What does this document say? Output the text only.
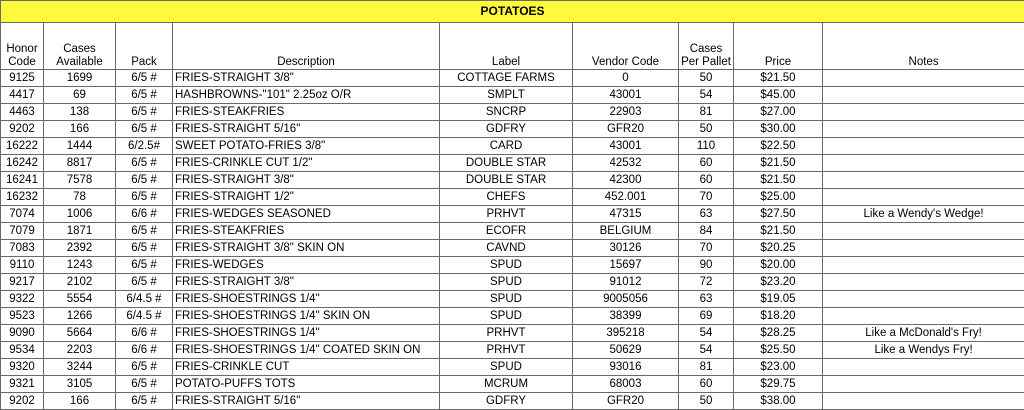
POTATOES								
Honor Code	Cases Available	Pack	Description	Label	Vendor Code	Cases Per Pallet	Price	Notes
9125	1699	6/5 #	FRIES-STRAIGHT 3/8"	COTTAGE FARMS	0	50	$21.50	
4417	69	6/5 #	HASHBROWNS-"101" 2.25oz O/R	SMPLT	43001	54	$45.00	
4463	138	6/5 #	FRIES-STEAKFRIES	SNCRP	22903	81	$27.00	
9202	166	6/5 #	FRIES-STRAIGHT 5/16"	GDFRY	GFR20	50	$30.00	
16222	1444	6/2.5#	SWEET POTATO-FRIES 3/8"	CARD	43001	110	$22.50	
16242	8817	6/5 #	FRIES-CRINKLE CUT 1/2"	DOUBLE STAR	42532	60	$21.50	
16241	7578	6/5 #	FRIES-STRAIGHT 3/8"	DOUBLE STAR	42300	60	$21.50	
16232	78	6/5 #	FRIES-STRAIGHT 1/2"	CHEFS	452.001	70	$25.00	
7074	1006	6/6 #	FRIES-WEDGES SEASONED	PRHVT	47315	63	$27.50	Like a Wendy's Wedge!
7079	1871	6/5 #	FRIES-STEAKFRIES	ECOFR	BELGIUM	84	$21.50	
7083	2392	6/5 #	FRIES-STRAIGHT 3/8" SKIN ON	CAVND	30126	70	$20.25	
9110	1243	6/5 #	FRIES-WEDGES	SPUD	15697	90	$20.00	
9217	2102	6/5 #	FRIES-STRAIGHT 3/8"	SPUD	91012	72	$23.20	
9322	5554	6/4.5 #	FRIES-SHOESTRINGS 1/4"	SPUD	9005056	63	$19.05	
9523	1266	6/4.5 #	FRIES-SHOESTRINGS 1/4" SKIN ON	SPUD	38399	69	$18.20	
9090	5664	6/6 #	FRIES-SHOESTRINGS 1/4"	PRHVT	395218	54	$28.25	Like a McDonald's Fry!
9534	2203	6/6 #	FRIES-SHOESTRINGS 1/4" COATED SKIN ON	PRHVT	50629	54	$25.50	Like a Wendys Fry!
9320	3244	6/5 #	FRIES-CRINKLE CUT	SPUD	93016	81	$23.00	
9321	3105	6/5 #	POTATO-PUFFS TOTS	MCRUM	68003	60	$29.75	
9202	166	6/5 #	FRIES-STRAIGHT 5/16"	GDFRY	GFR20	50	$38.00	
